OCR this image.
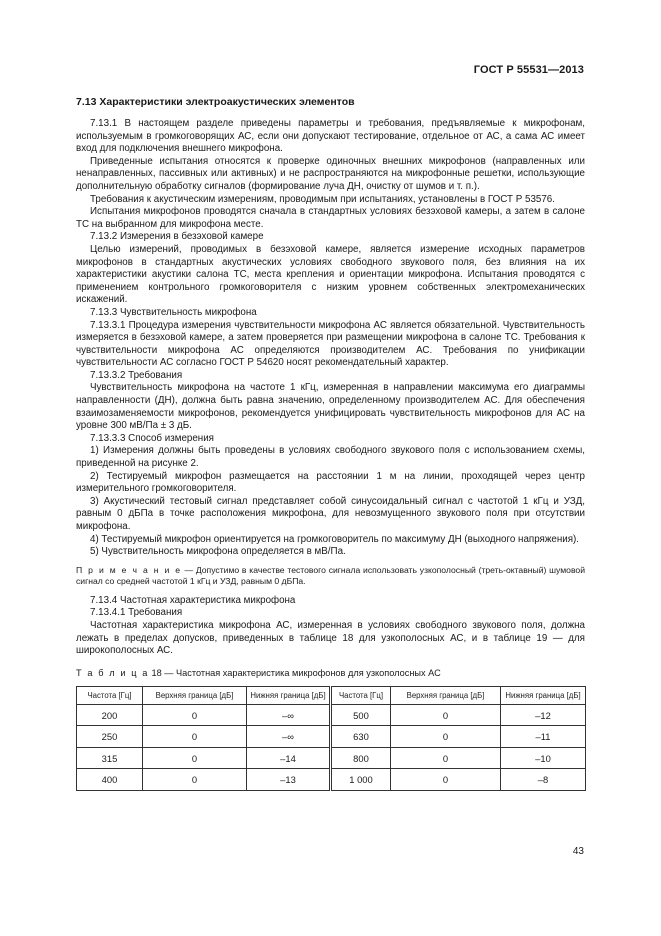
ГОСТ Р 55531—2013
7.13 Характеристики электроакустических элементов

7.13.1 В настоящем разделе приведены параметры и требования, предъявляемые к микрофонам, используемым в громкоговорящих АС, если они допускают тестирование, отдельное от АС, а сама АС имеет вход для подключения внешнего микрофона.

Приведенные испытания относятся к проверке одиночных внешних микрофонов (направленных или ненаправленных, пассивных или активных) и не распространяются на микрофонные решетки, использующие дополнительную обработку сигналов (формирование луча ДН, очистку от шумов и т. п.).

Требования к акустическим измерениям, проводимым при испытаниях, установлены в ГОСТ Р 53576.

Испытания микрофонов проводятся сначала в стандартных условиях безэховой камеры, а затем в салоне ТС на выбранном для микрофона месте.

7.13.2 Измерения в безэховой камере

Целью измерений, проводимых в безэховой камере, является измерение исходных параметров микрофонов в стандартных акустических условиях свободного звукового поля, без влияния на их характеристики акустики салона ТС, места крепления и ориентации микрофона. Испытания проводятся с применением контрольного громкоговорителя с низким уровнем собственных электромеханических искажений.

7.13.3 Чувствительность микрофона

7.13.3.1 Процедура измерения чувствительности микрофона АС является обязательной. Чувствительность измеряется в безэховой камере, а затем проверяется при размещении микрофона в салоне ТС. Требования к чувствительности микрофона АС определяются производителем АС. Требования по унификации чувствительности АС согласно ГОСТ Р 54620 носят рекомендательный характер.

7.13.3.2 Требования

Чувствительность микрофона на частоте 1 кГц, измеренная в направлении максимума его диаграммы направленности (ДН), должна быть равна значению, определенному производителем АС. Для обеспечения взаимозаменяемости микрофонов, рекомендуется унифицировать чувствительность микрофонов для АС на уровне 300 мВ/Па ± 3 дБ.

7.13.3.3 Способ измерения

1) Измерения должны быть проведены в условиях свободного звукового поля с использованием схемы, приведенной на рисунке 2.

2) Тестируемый микрофон размещается на расстоянии 1 м на линии, проходящей через центр измерительного громкоговорителя.

3) Акустический тестовый сигнал представляет собой синусоидальный сигнал с частотой 1 кГц и УЗД, равным 0 дБПа в точке расположения микрофона, для невозмущенного звукового поля при отсутствии микрофона.

4) Тестируемый микрофон ориентируется на громкоговоритель по максимуму ДН (выходного напряжения).

5) Чувствительность микрофона определяется в мВ/Па.

П р и м е ч а н и е — Допустимо в качестве тестового сигнала использовать узкополосный (треть-октавный) шумовой сигнал со средней частотой 1 кГц и УЗД, равным 0 дБПа.

7.13.4 Частотная характеристика микрофона

7.13.4.1 Требования

Частотная характеристика микрофона АС, измеренная в условиях свободного звукового поля, должна лежать в пределах допусков, приведенных в таблице 18 для узкополосных АС, и в таблице 19 — для широкополосных АС.

Т а б л и ц а 18 — Частотная характеристика микрофонов для узкополосных АС
Частота [Гц]	Верхняя граница [дБ]	Нижняя граница [дБ]	Частота [Гц]	Верхняя граница [дБ]	Нижняя граница [дБ]
200	0	–∞	500	0	–12
250	0	–∞	630	0	–11
315	0	–14	800	0	–10
400	0	–13	1 000	0	–8
43
